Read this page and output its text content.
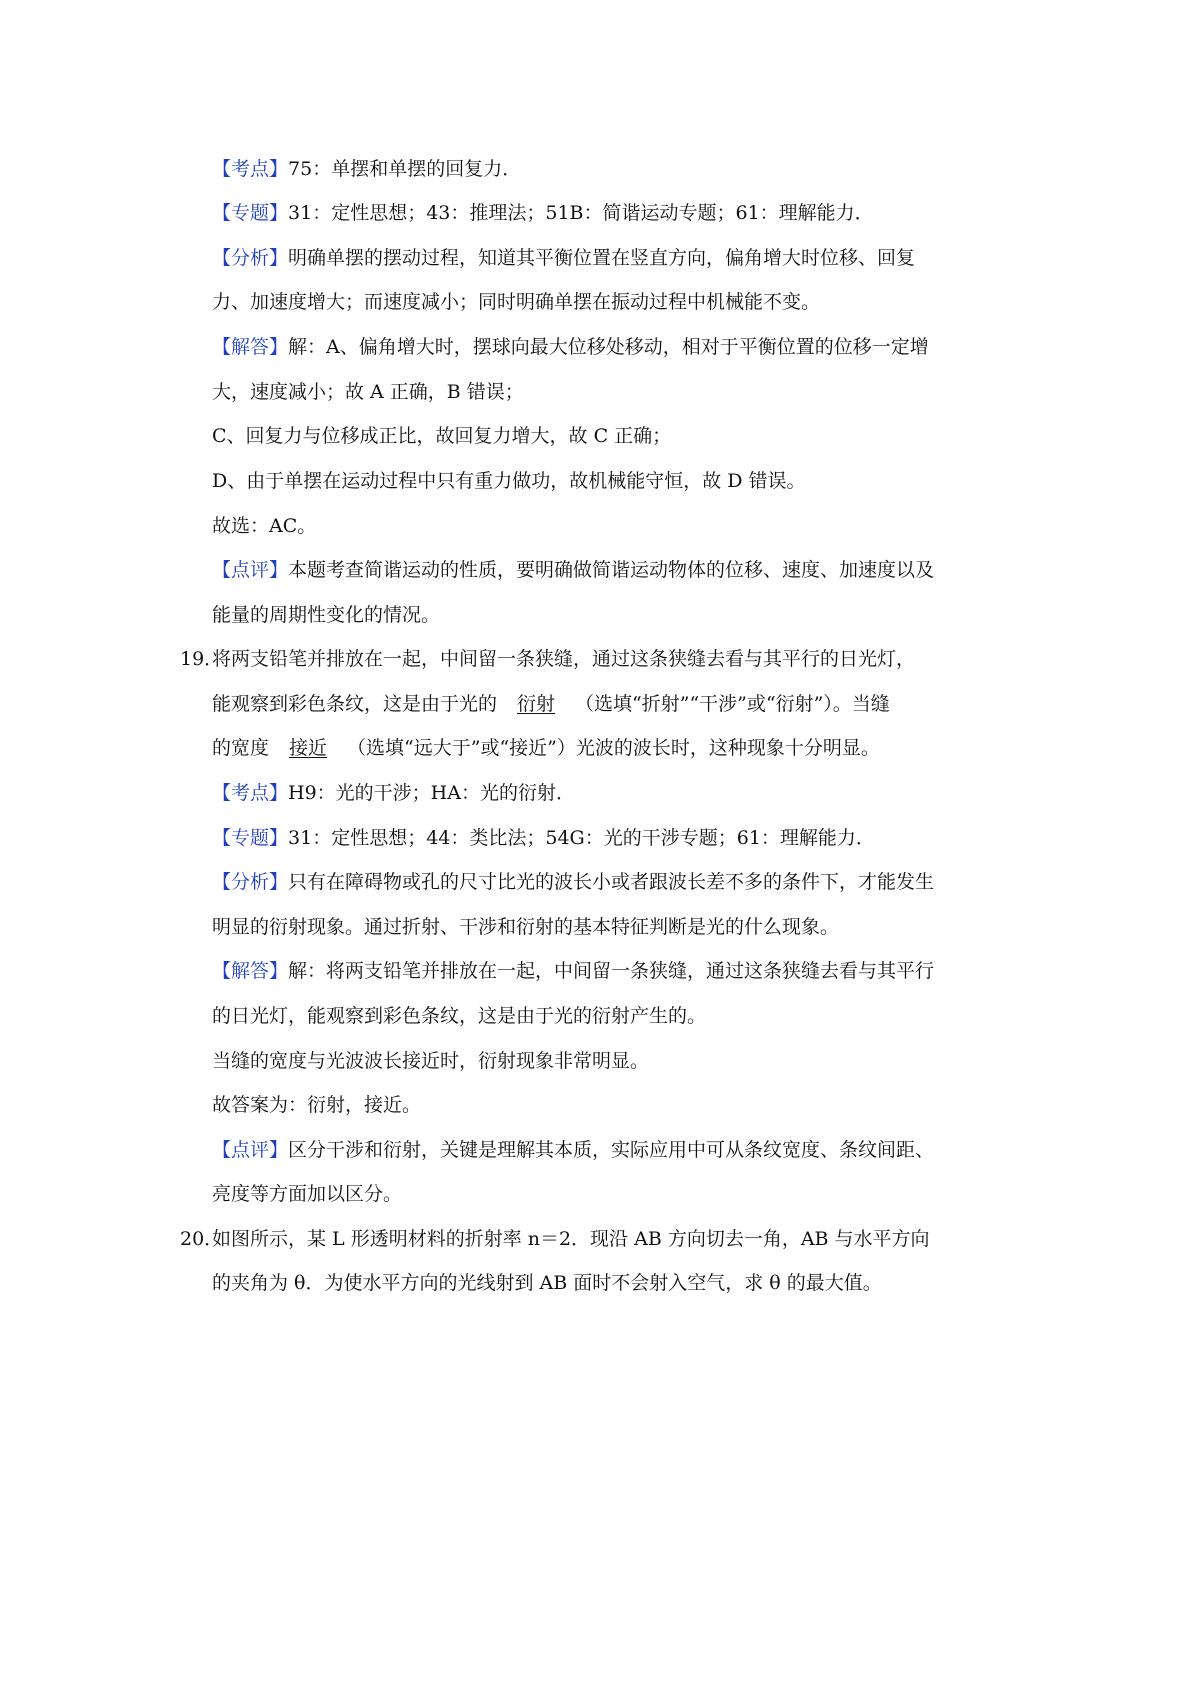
【考点】75：单摆和单摆的回复力．
【专题】31：定性思想；43：推理法；51B：简谐运动专题；61：理解能力．
【分析】明确单摆的摆动过程，知道其平衡位置在竖直方向，偏角增大时位移、回复
力、加速度增大；而速度减小；同时明确单摆在振动过程中机械能不变。
【解答】解：A、偏角增大时，摆球向最大位移处移动，相对于平衡位置的位移一定增
大，速度减小；故 A 正确，B 错误；
C、回复力与位移成正比，故回复力增大，故 C 正确；
D、由于单摆在运动过程中只有重力做功，故机械能守恒，故 D 错误。
故选：AC。
【点评】本题考查简谐运动的性质，要明确做简谐运动物体的位移、速度、加速度以及
能量的周期性变化的情况。
19．
将两支铅笔并排放在一起，中间留一条狭缝，通过这条狭缝去看与其平行的日光灯，
能观察到彩色条纹，这是由于光的 衍射 （选填“折射”“干涉”或“衍射”）。当缝
的宽度 接近 （选填“远大于”或“接近”）光波的波长时，这种现象十分明显。
【考点】H9：光的干涉；HA：光的衍射．
【专题】31：定性思想；44：类比法；54G：光的干涉专题；61：理解能力．
【分析】只有在障碍物或孔的尺寸比光的波长小或者跟波长差不多的条件下，才能发生
明显的衍射现象。通过折射、干涉和衍射的基本特征判断是光的什么现象。
【解答】解：将两支铅笔并排放在一起，中间留一条狭缝，通过这条狭缝去看与其平行
的日光灯，能观察到彩色条纹，这是由于光的衍射产生的。
当缝的宽度与光波波长接近时，衍射现象非常明显。
故答案为：衍射，接近。
【点评】区分干涉和衍射，关键是理解其本质，实际应用中可从条纹宽度、条纹间距、
亮度等方面加以区分。
20．
如图所示，某 L 形透明材料的折射率 n＝2．现沿 AB 方向切去一角，AB 与水平方向
的夹角为 θ．为使水平方向的光线射到 AB 面时不会射入空气，求 θ 的最大值。
